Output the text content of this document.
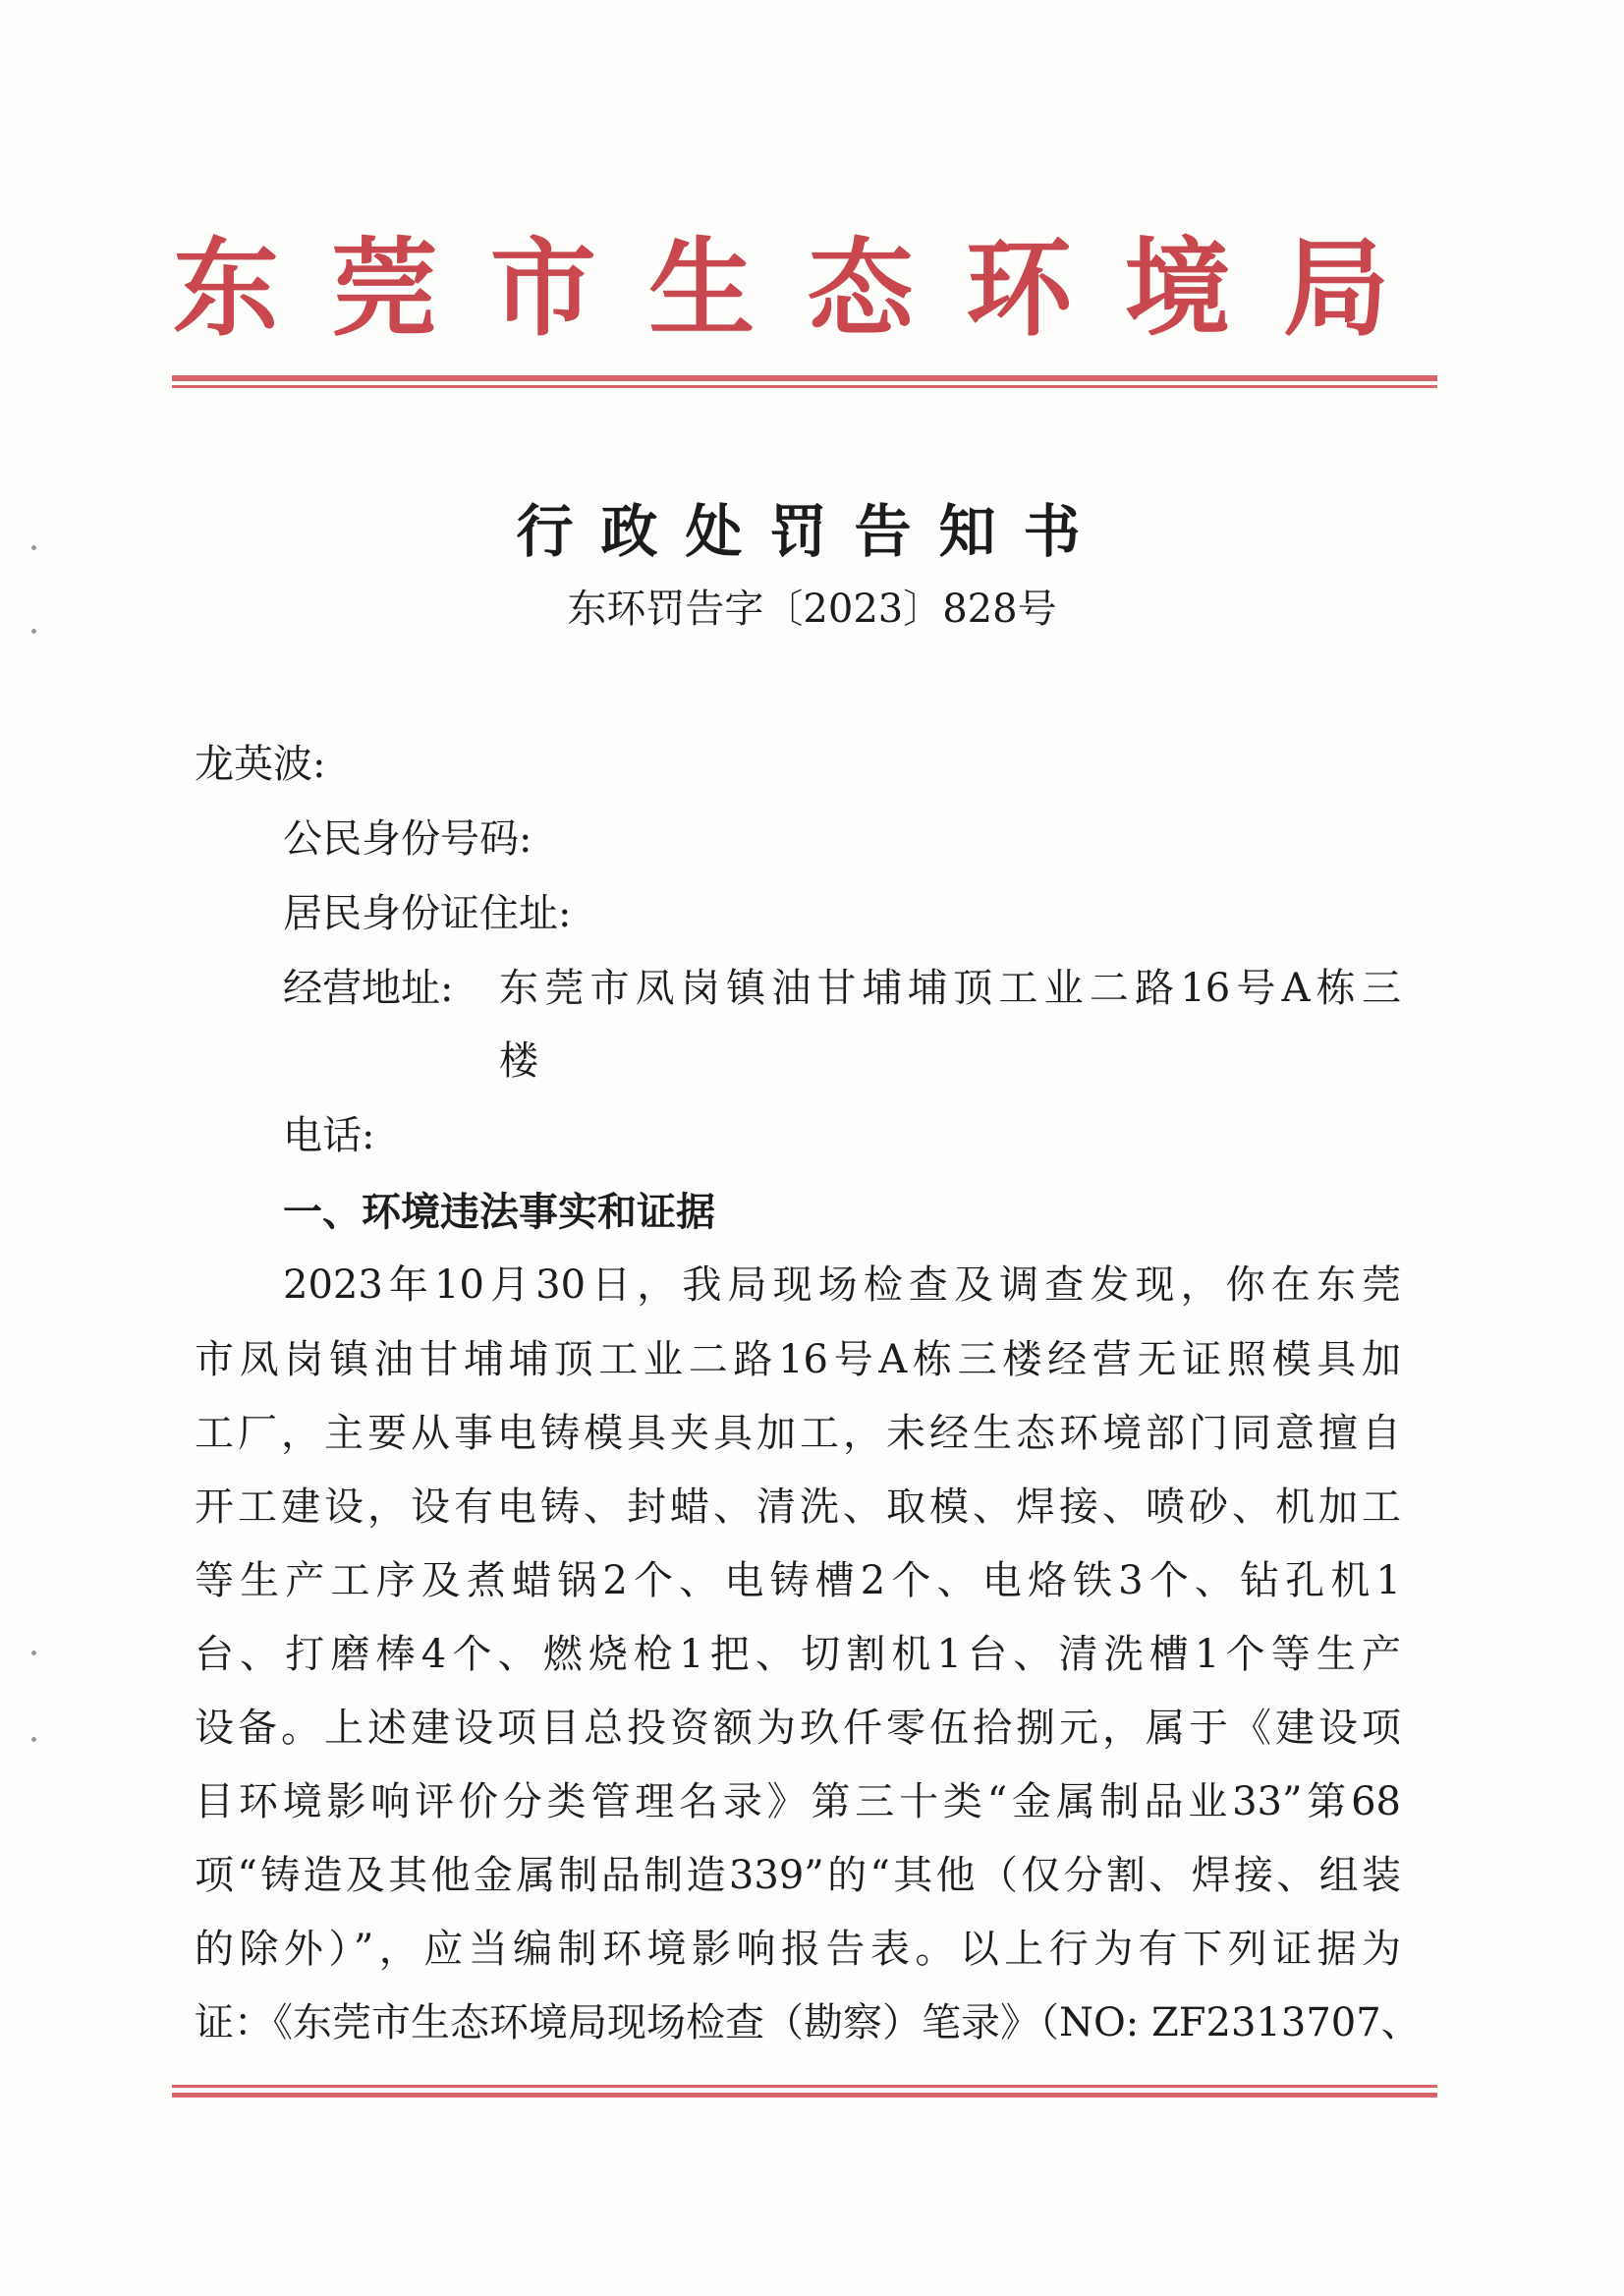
东 莞 市 生 态 环 境 局
行政处罚告知书
东环罚告字〔2023〕828号
龙英波:
公民身份号码:
居民身份证住址:
经营地址: 东莞市凤岗镇油甘埔埔顶工业二路16号A栋三
楼
电话:
一、环境违法事实和证据
2023年10月30日，我局现场检查及调查发现，你在东莞
市凤岗镇油甘埔埔顶工业二路16号A栋三楼经营无证照模具加
工厂，主要从事电铸模具夹具加工，未经生态环境部门同意擅自
开工建设，设有电铸、封蜡、清洗、取模、焊接、喷砂、机加工
等生产工序及煮蜡锅2个、电铸槽2个、电烙铁3个、钻孔机1
台、打磨棒4个、燃烧枪1把、切割机1台、清洗槽1个等生产
设备。上述建设项目总投资额为玖仟零伍拾捌元，属于《建设项
目环境影响评价分类管理名录》第三十类“金属制品业33”第68
项“铸造及其他金属制品制造339”的“其他（仅分割、焊接、组装
的除外）”，应当编制环境影响报告表。以上行为有下列证据为
证：《东莞市生态环境局现场检查（勘察）笔录》（NO: ZF2313707、
